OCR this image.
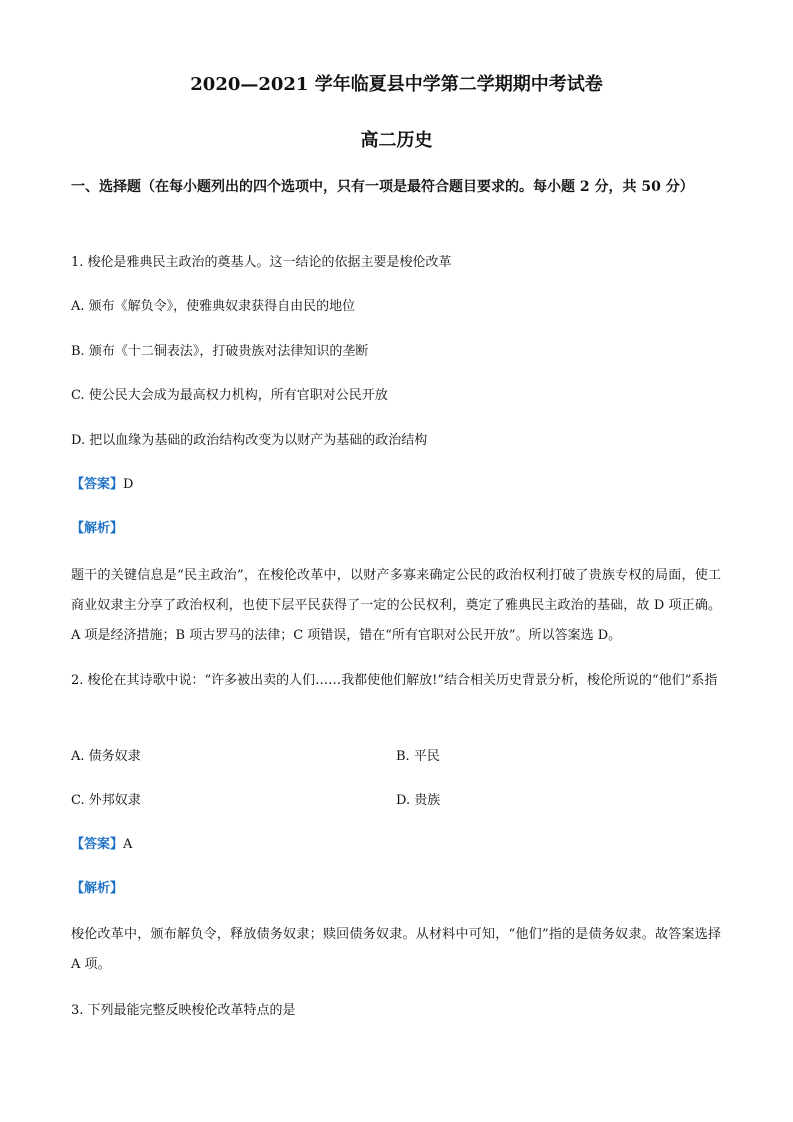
2020—2021 学年临夏县中学第二学期期中考试卷
高二历史
一、选择题（在每小题列出的四个选项中，只有一项是最符合题目要求的。每小题 2 分，共 50 分）
1. 梭伦是雅典民主政治的奠基人。这一结论的依据主要是梭伦改革
A. 颁布《解负令》，使雅典奴隶获得自由民的地位
B. 颁布《十二铜表法》，打破贵族对法律知识的垄断
C. 使公民大会成为最高权力机构，所有官职对公民开放
D. 把以血缘为基础的政治结构改变为以财产为基础的政治结构
【答案】D
【解析】
题干的关键信息是“民主政治”，在梭伦改革中，以财产多寡来确定公民的政治权利打破了贵族专权的局面，使工商业奴隶主分享了政治权利，也使下层平民获得了一定的公民权利，奠定了雅典民主政治的基础，故 D 项正确。A 项是经济措施；B 项古罗马的法律；C 项错误，错在“所有官职对公民开放”。所以答案选 D。
2. 梭伦在其诗歌中说：“许多被出卖的人们……我都使他们解放!”结合相关历史背景分析，梭伦所说的“他们”系指
A. 债务奴隶	B. 平民
C. 外邦奴隶	D. 贵族
【答案】A
【解析】
梭伦改革中，颁布解负令，释放债务奴隶；赎回债务奴隶。从材料中可知，“他们”指的是债务奴隶。故答案选择 A 项。
3. 下列最能完整反映梭伦改革特点的是
